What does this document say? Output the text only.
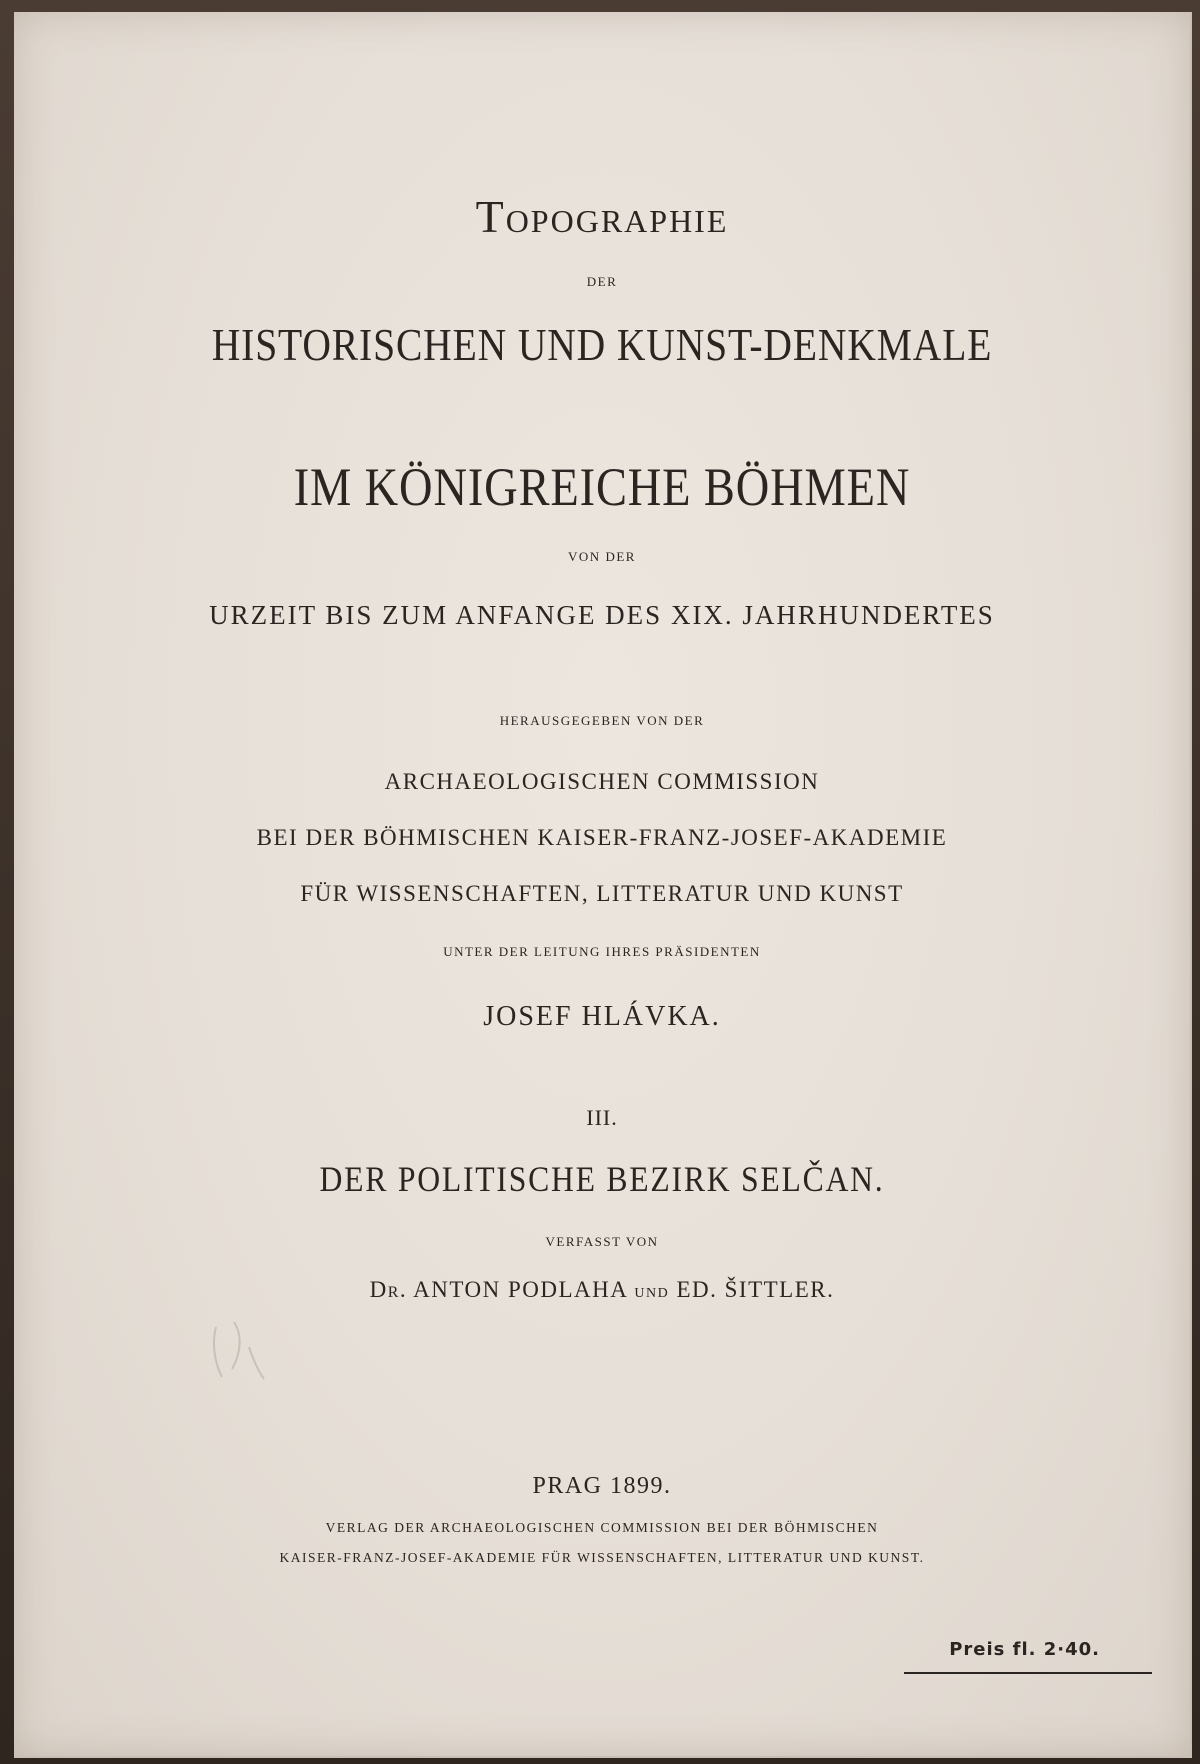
Topographie
DER
HISTORISCHEN UND KUNST-DENKMALE
IM KÖNIGREICHE BÖHMEN
VON DER
URZEIT BIS ZUM ANFANGE DES XIX. JAHRHUNDERTES
HERAUSGEGEBEN VON DER
ARCHAEOLOGISCHEN COMMISSION
BEI DER BÖHMISCHEN KAISER-FRANZ-JOSEF-AKADEMIE
FÜR WISSENSCHAFTEN, LITTERATUR UND KUNST
UNTER DER LEITUNG IHRES PRÄSIDENTEN
JOSEF HLÁVKA.
III.
DER POLITISCHE BEZIRK SELČAN.
VERFASST VON
Dr. ANTON PODLAHA UND ED. ŠITTLER.
PRAG 1899.
VERLAG DER ARCHAEOLOGISCHEN COMMISSION BEI DER BÖHMISCHEN
KAISER-FRANZ-JOSEF-AKADEMIE FÜR WISSENSCHAFTEN, LITTERATUR UND KUNST.
Preis fl. 2·40.
